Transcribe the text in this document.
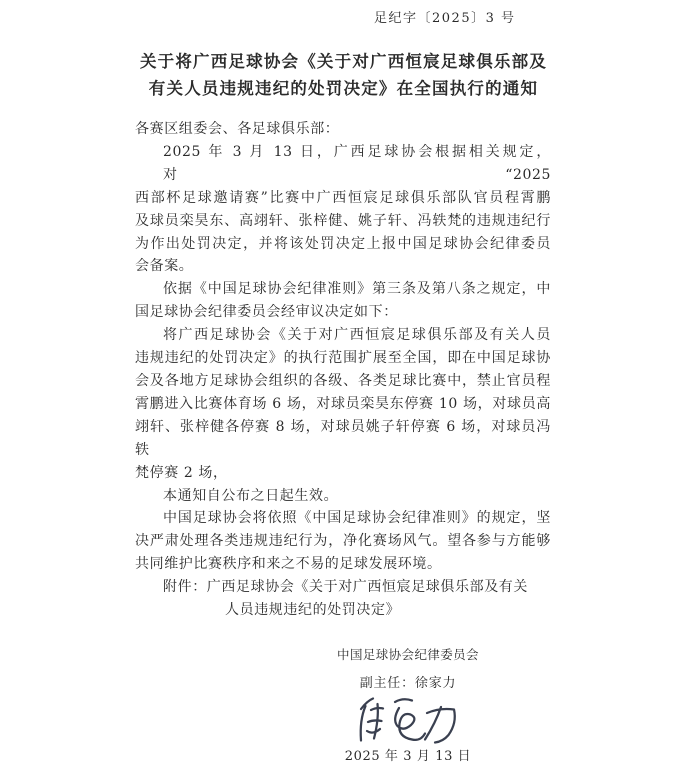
足纪字〔2025〕3 号
关于将广西足球协会《关于对广西恒宸足球俱乐部及
有关人员违规违纪的处罚决定》在全国执行的通知
各赛区组委会、各足球俱乐部：
2025 年 3 月 13 日，广西足球协会根据相关规定，对“2025
西部杯足球邀请赛”比赛中广西恒宸足球俱乐部队官员程霄鹏
及球员栾昊东、高翊轩、张梓健、姚子轩、冯轶梵的违规违纪行
为作出处罚决定，并将该处罚决定上报中国足球协会纪律委员
会备案。
依据《中国足球协会纪律准则》第三条及第八条之规定，中
国足球协会纪律委员会经审议决定如下：
将广西足球协会《关于对广西恒宸足球俱乐部及有关人员
违规违纪的处罚决定》的执行范围扩展至全国，即在中国足球协
会及各地方足球协会组织的各级、各类足球比赛中，禁止官员程
霄鹏进入比赛体育场 6 场，对球员栾昊东停赛 10 场，对球员高
翊轩、张梓健各停赛 8 场，对球员姚子轩停赛 6 场，对球员冯轶
梵停赛 2 场，
本通知自公布之日起生效。
中国足球协会将依照《中国足球协会纪律准则》的规定，坚
决严肃处理各类违规违纪行为，净化赛场风气。望各参与方能够
共同维护比赛秩序和来之不易的足球发展环境。
附件：广西足球协会《关于对广西恒宸足球俱乐部及有关
人员违规违纪的处罚决定》
中国足球协会纪律委员会
副主任：徐家力
2025 年 3 月 13 日
